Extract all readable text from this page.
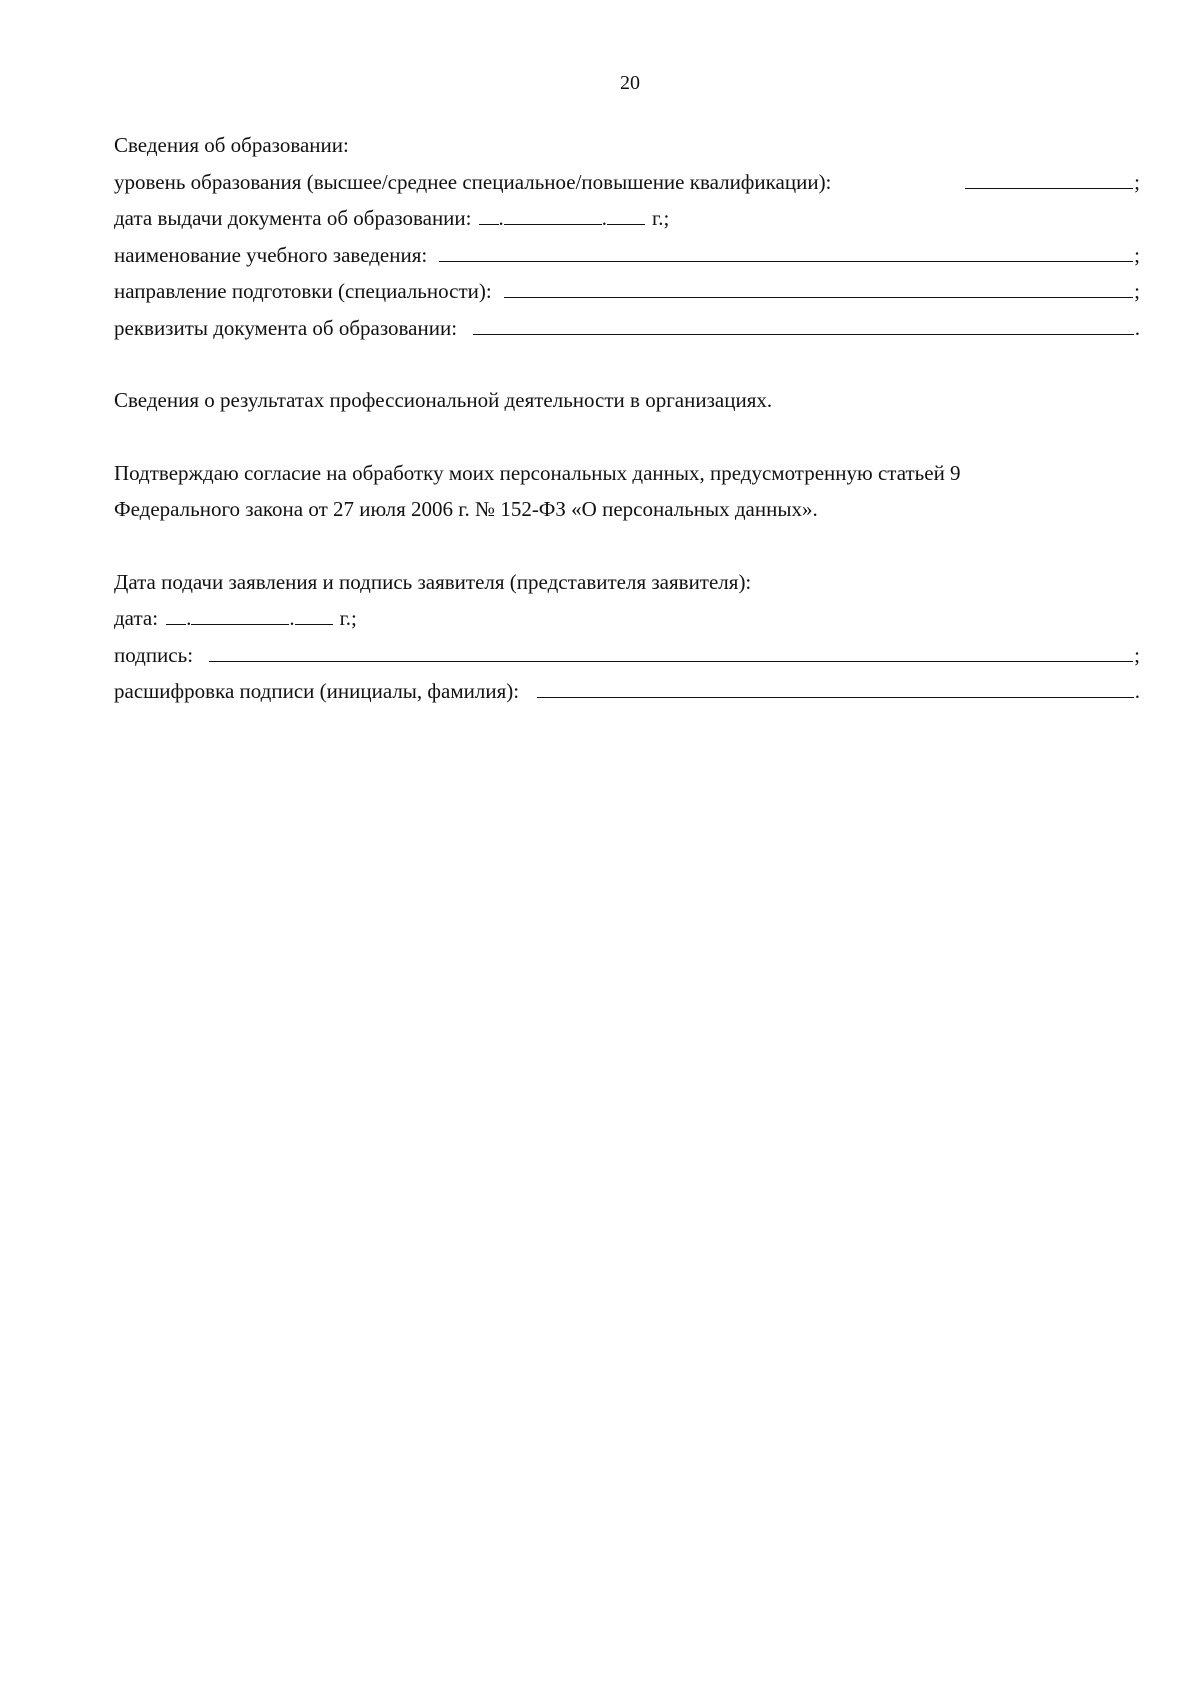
20
Сведения об образовании:
уровень образования (высшее/среднее специальное/повышение квалификации):	;
дата выдачи документа об образовании:	.	.	г.;
наименование учебного заведения:	;
направление подготовки (специальности):	;
реквизиты документа об образовании:	.
Сведения о результатах профессиональной деятельности в организациях.
Подтверждаю согласие на обработку моих персональных данных, предусмотренную статьей 9
Федерального закона от 27 июля 2006 г. № 152-ФЗ «О персональных данных».
Дата подачи заявления и подпись заявителя (представителя заявителя):
дата:	.	.	г.;
подпись:	;
расшифровка подписи (инициалы, фамилия):	.
